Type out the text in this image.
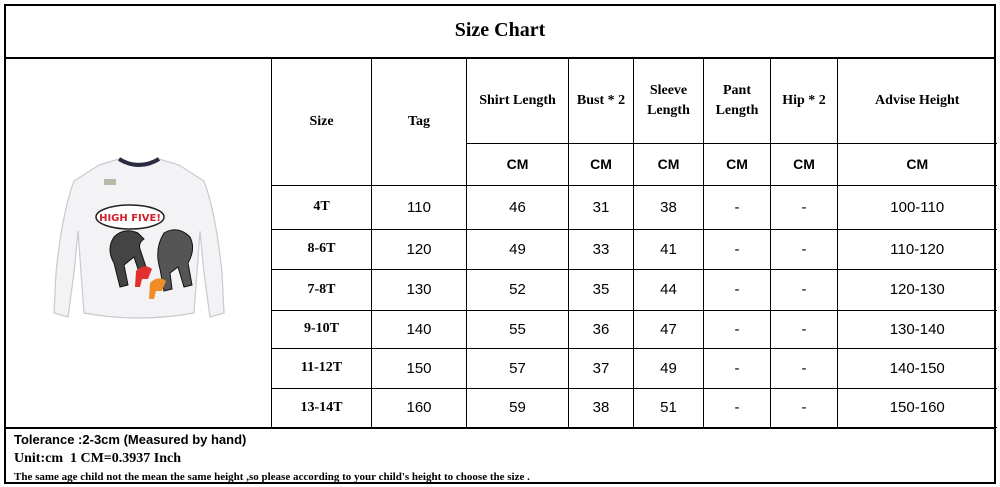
Size Chart
HIGH FIVE!
Size	Tag	Shirt Length	Bust * 2	Sleeve Length	Pant Length	Hip * 2	Advise Height
		CM	CM	CM	CM	CM	CM
4T	110	46	31	38	-	-	100-110
8-6T	120	49	33	41	-	-	110-120
7-8T	130	52	35	44	-	-	120-130
9-10T	140	55	36	47	-	-	130-140
11-12T	150	57	37	49	-	-	140-150
13-14T	160	59	38	51	-	-	150-160
Tolerance :2-3cm (Measured by hand)
Unit:cm  1 CM=0.3937 Inch
The same age child not the mean the same height ,so please according to your child's height to choose the size .
